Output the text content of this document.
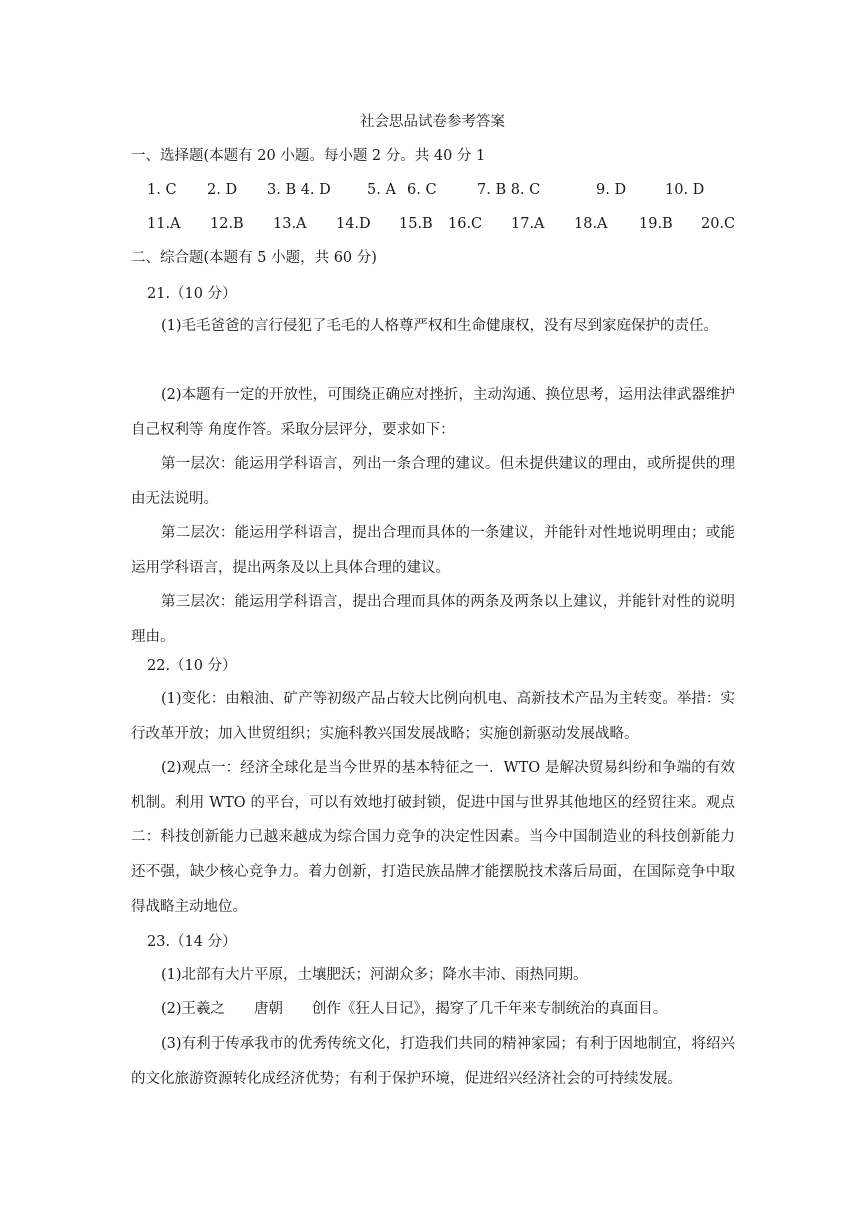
社会思品试卷参考答案
一、选择题(本题有 20 小题。每小题 2 分。共 40 分 1
1. C 2. D 3. B 4. D 5. A 6. C	7. B 8. C	9. D	10. D
11.A 12.B 13.A 14.D 15.B 16.C 17.A 18.A 19.B 20.C
二、综合题(本题有 5 小题，共 60 分)
21.（10 分）
(1)毛毛爸爸的言行侵犯了毛毛的人格尊严权和生命健康权，没有尽到家庭保护的责任。
(2)本题有一定的开放性，可围绕正确应对挫折，主动沟通、换位思考，运用法律武器维护自己权利等 角度作答。采取分层评分，要求如下：
第一层次：能运用学科语言，列出一条合理的建议。但未提供建议的理由，或所提供的理由无法说明。
第二层次：能运用学科语言，提出合理而具体的一条建议，并能针对性地说明理由；或能运用学科语言，提出两条及以上具体合理的建议。
第三层次：能运用学科语言，提出合理而具体的两条及两条以上建议，并能针对性的说明理由。
22.（10 分）
(1)变化：由粮油、矿产等初级产品占较大比例向机电、高新技术产品为主转变。举措：实行改革开放；加入世贸组织；实施科教兴国发展战略；实施创新驱动发展战略。
(2)观点一：经济全球化是当今世界的基本特征之一．WTO 是解决贸易纠纷和争端的有效机制。利用 WTO 的平台，可以有效地打破封锁，促进中国与世界其他地区的经贸往来。观点二：科技创新能力已越来越成为综合国力竞争的决定性因素。当今中国制造业的科技创新能力还不强，缺少核心竞争力。着力创新，打造民族品牌才能摆脱技术落后局面，在国际竞争中取得战略主动地位。
23.（14 分）
(1)北部有大片平原，土壤肥沃；河湖众多；降水丰沛、雨热同期。
(2)王羲之　　唐朝　　创作《狂人日记》，揭穿了几千年来专制统治的真面目。
(3)有利于传承我市的优秀传统文化，打造我们共同的精神家园；有利于因地制宜，将绍兴的文化旅游资源转化成经济优势；有利于保护环境，促进绍兴经济社会的可持续发展。
